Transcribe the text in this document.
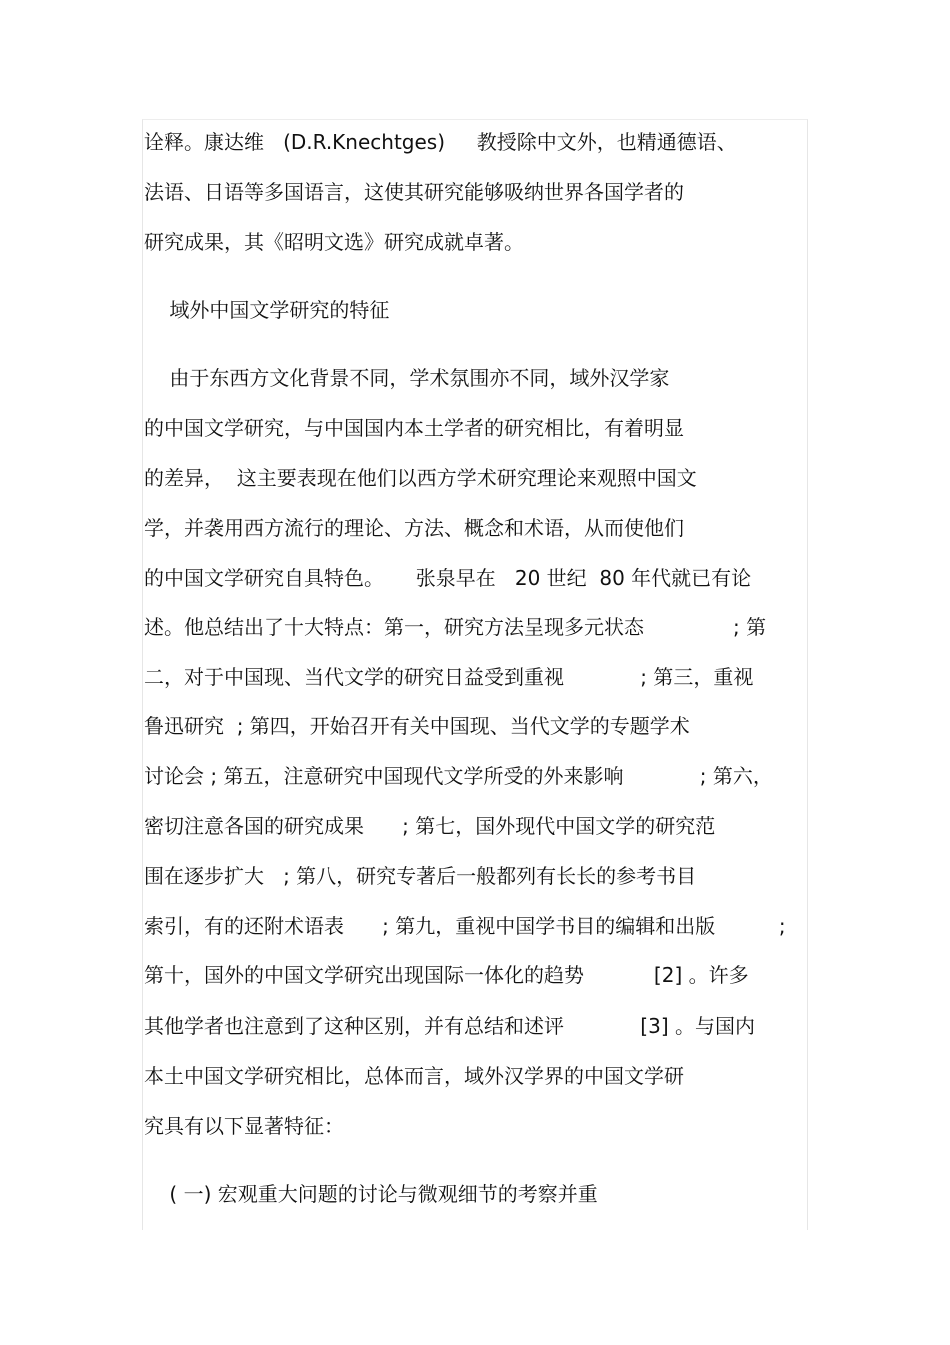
诠释。康达维   (D.R.Knechtges)     教授除中文外，也精通德语、
法语、日语等多国语言，这使其研究能够吸纳世界各国学者的
研究成果，其《昭明文选》研究成就卓著。
域外中国文学研究的特征
由于东西方文化背景不同，学术氛围亦不同，域外汉学家
的中国文学研究，与中国国内本土学者的研究相比，有着明显
的差异，  这主要表现在他们以西方学术研究理论来观照中国文
学，并袭用西方流行的理论、方法、概念和术语，从而使他们
的中国文学研究自具特色。     张泉早在   20 世纪  80 年代就已有论
述。他总结出了十大特点：第一，研究方法呈现多元状态              ; 第
二，对于中国现、当代文学的研究日益受到重视            ; 第三，重视
鲁迅研究  ; 第四，开始召开有关中国现、当代文学的专题学术
讨论会 ; 第五，注意研究中国现代文学所受的外来影响            ; 第六，
密切注意各国的研究成果      ; 第七，国外现代中国文学的研究范
围在逐步扩大   ; 第八，研究专著后一般都列有长长的参考书目
索引，有的还附术语表      ; 第九，重视中国学书目的编辑和出版          ;
第十，国外的中国文学研究出现国际一体化的趋势           [2] 。许多
其他学者也注意到了这种区别，并有总结和述评            [3] 。与国内
本土中国文学研究相比，总体而言，域外汉学界的中国文学研
究具有以下显著特征：
( 一) 宏观重大问题的讨论与微观细节的考察并重
